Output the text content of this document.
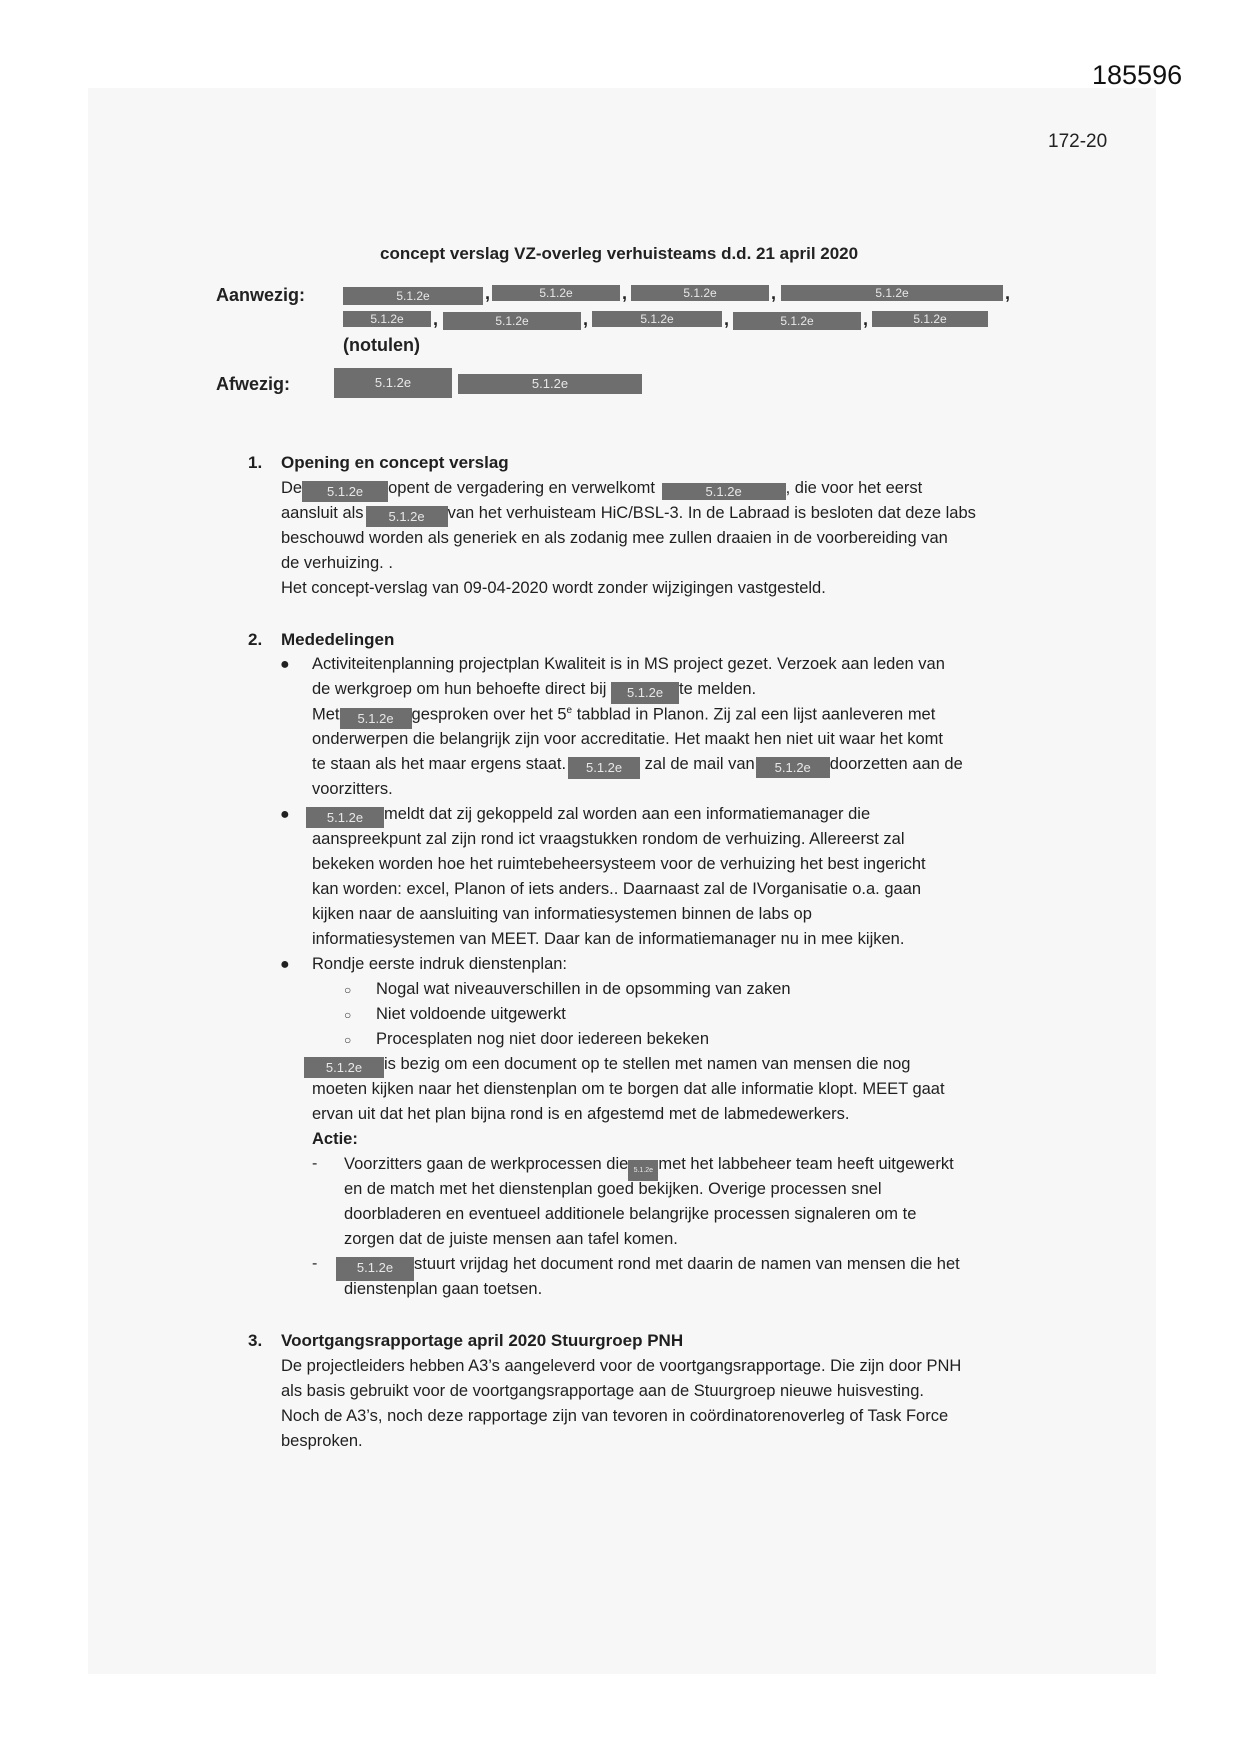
185596
172-20
concept verslag VZ-overleg verhuisteams d.d. 21 april 2020
Aanwezig:	5.1.2e	,	5.1.2e	,	5.1.2e	,	5.1.2e	,
5.1.2e	,	5.1.2e	,	5.1.2e	,	5.1.2e	,	5.1.2e
(notulen)
Afwezig:	5.1.2e	5.1.2e
1. Opening en concept verslag
De 5.1.2e opent de vergadering en verwelkomt	5.1.2e	, die voor het eerst
aansluit als 5.1.2e van het verhuisteam HiC/BSL-3. In de Labraad is besloten dat deze labs
beschouwd worden als generiek en als zodanig mee zullen draaien in de voorbereiding van
de verhuizing. .
Het concept-verslag van 09-04-2020 wordt zonder wijzigingen vastgesteld.
2. Mededelingen
● Activiteitenplanning projectplan Kwaliteit is in MS project gezet. Verzoek aan leden van
de werkgroep om hun behoefte direct bij 5.1.2e te melden.
Met 5.1.2e gesproken over het 5e tabblad in Planon. Zij zal een lijst aanleveren met
onderwerpen die belangrijk zijn voor accreditatie. Het maakt hen niet uit waar het komt
te staan als het maar ergens staat. 5.1.2e zal de mail van 5.1.2e doorzetten aan de
voorzitters.
●	5.1.2e meldt dat zij gekoppeld zal worden aan een informatiemanager die
aanspreekpunt zal zijn rond ict vraagstukken rondom de verhuizing. Allereerst zal
bekeken worden hoe het ruimtebeheersysteem voor de verhuizing het best ingericht
kan worden: excel, Planon of iets anders.. Daarnaast zal de IVorganisatie o.a. gaan
kijken naar de aansluiting van informatiesystemen binnen de labs op
informatiesystemen van MEET. Daar kan de informatiemanager nu in mee kijken.
● Rondje eerste indruk dienstenplan:
○ Nogal wat niveauverschillen in de opsomming van zaken
○ Niet voldoende uitgewerkt
○ Procesplaten nog niet door iedereen bekeken
5.1.2e is bezig om een document op te stellen met namen van mensen die nog
moeten kijken naar het dienstenplan om te borgen dat alle informatie klopt. MEET gaat
ervan uit dat het plan bijna rond is en afgestemd met de labmedewerkers.
Actie:
- Voorzitters gaan de werkprocessen die 5.1.2e met het labbeheer team heeft uitgewerkt
en de match met het dienstenplan goed bekijken. Overige processen snel
doorbladeren en eventueel additionele belangrijke processen signaleren om te
zorgen dat de juiste mensen aan tafel komen.
-	5.1.2e stuurt vrijdag het document rond met daarin de namen van mensen die het
dienstenplan gaan toetsen.
3. Voortgangsrapportage april 2020 Stuurgroep PNH
De projectleiders hebben A3’s aangeleverd voor de voortgangsrapportage. Die zijn door PNH
als basis gebruikt voor de voortgangsrapportage aan de Stuurgroep nieuwe huisvesting.
Noch de A3’s, noch deze rapportage zijn van tevoren in coördinatorenoverleg of Task Force
besproken.
